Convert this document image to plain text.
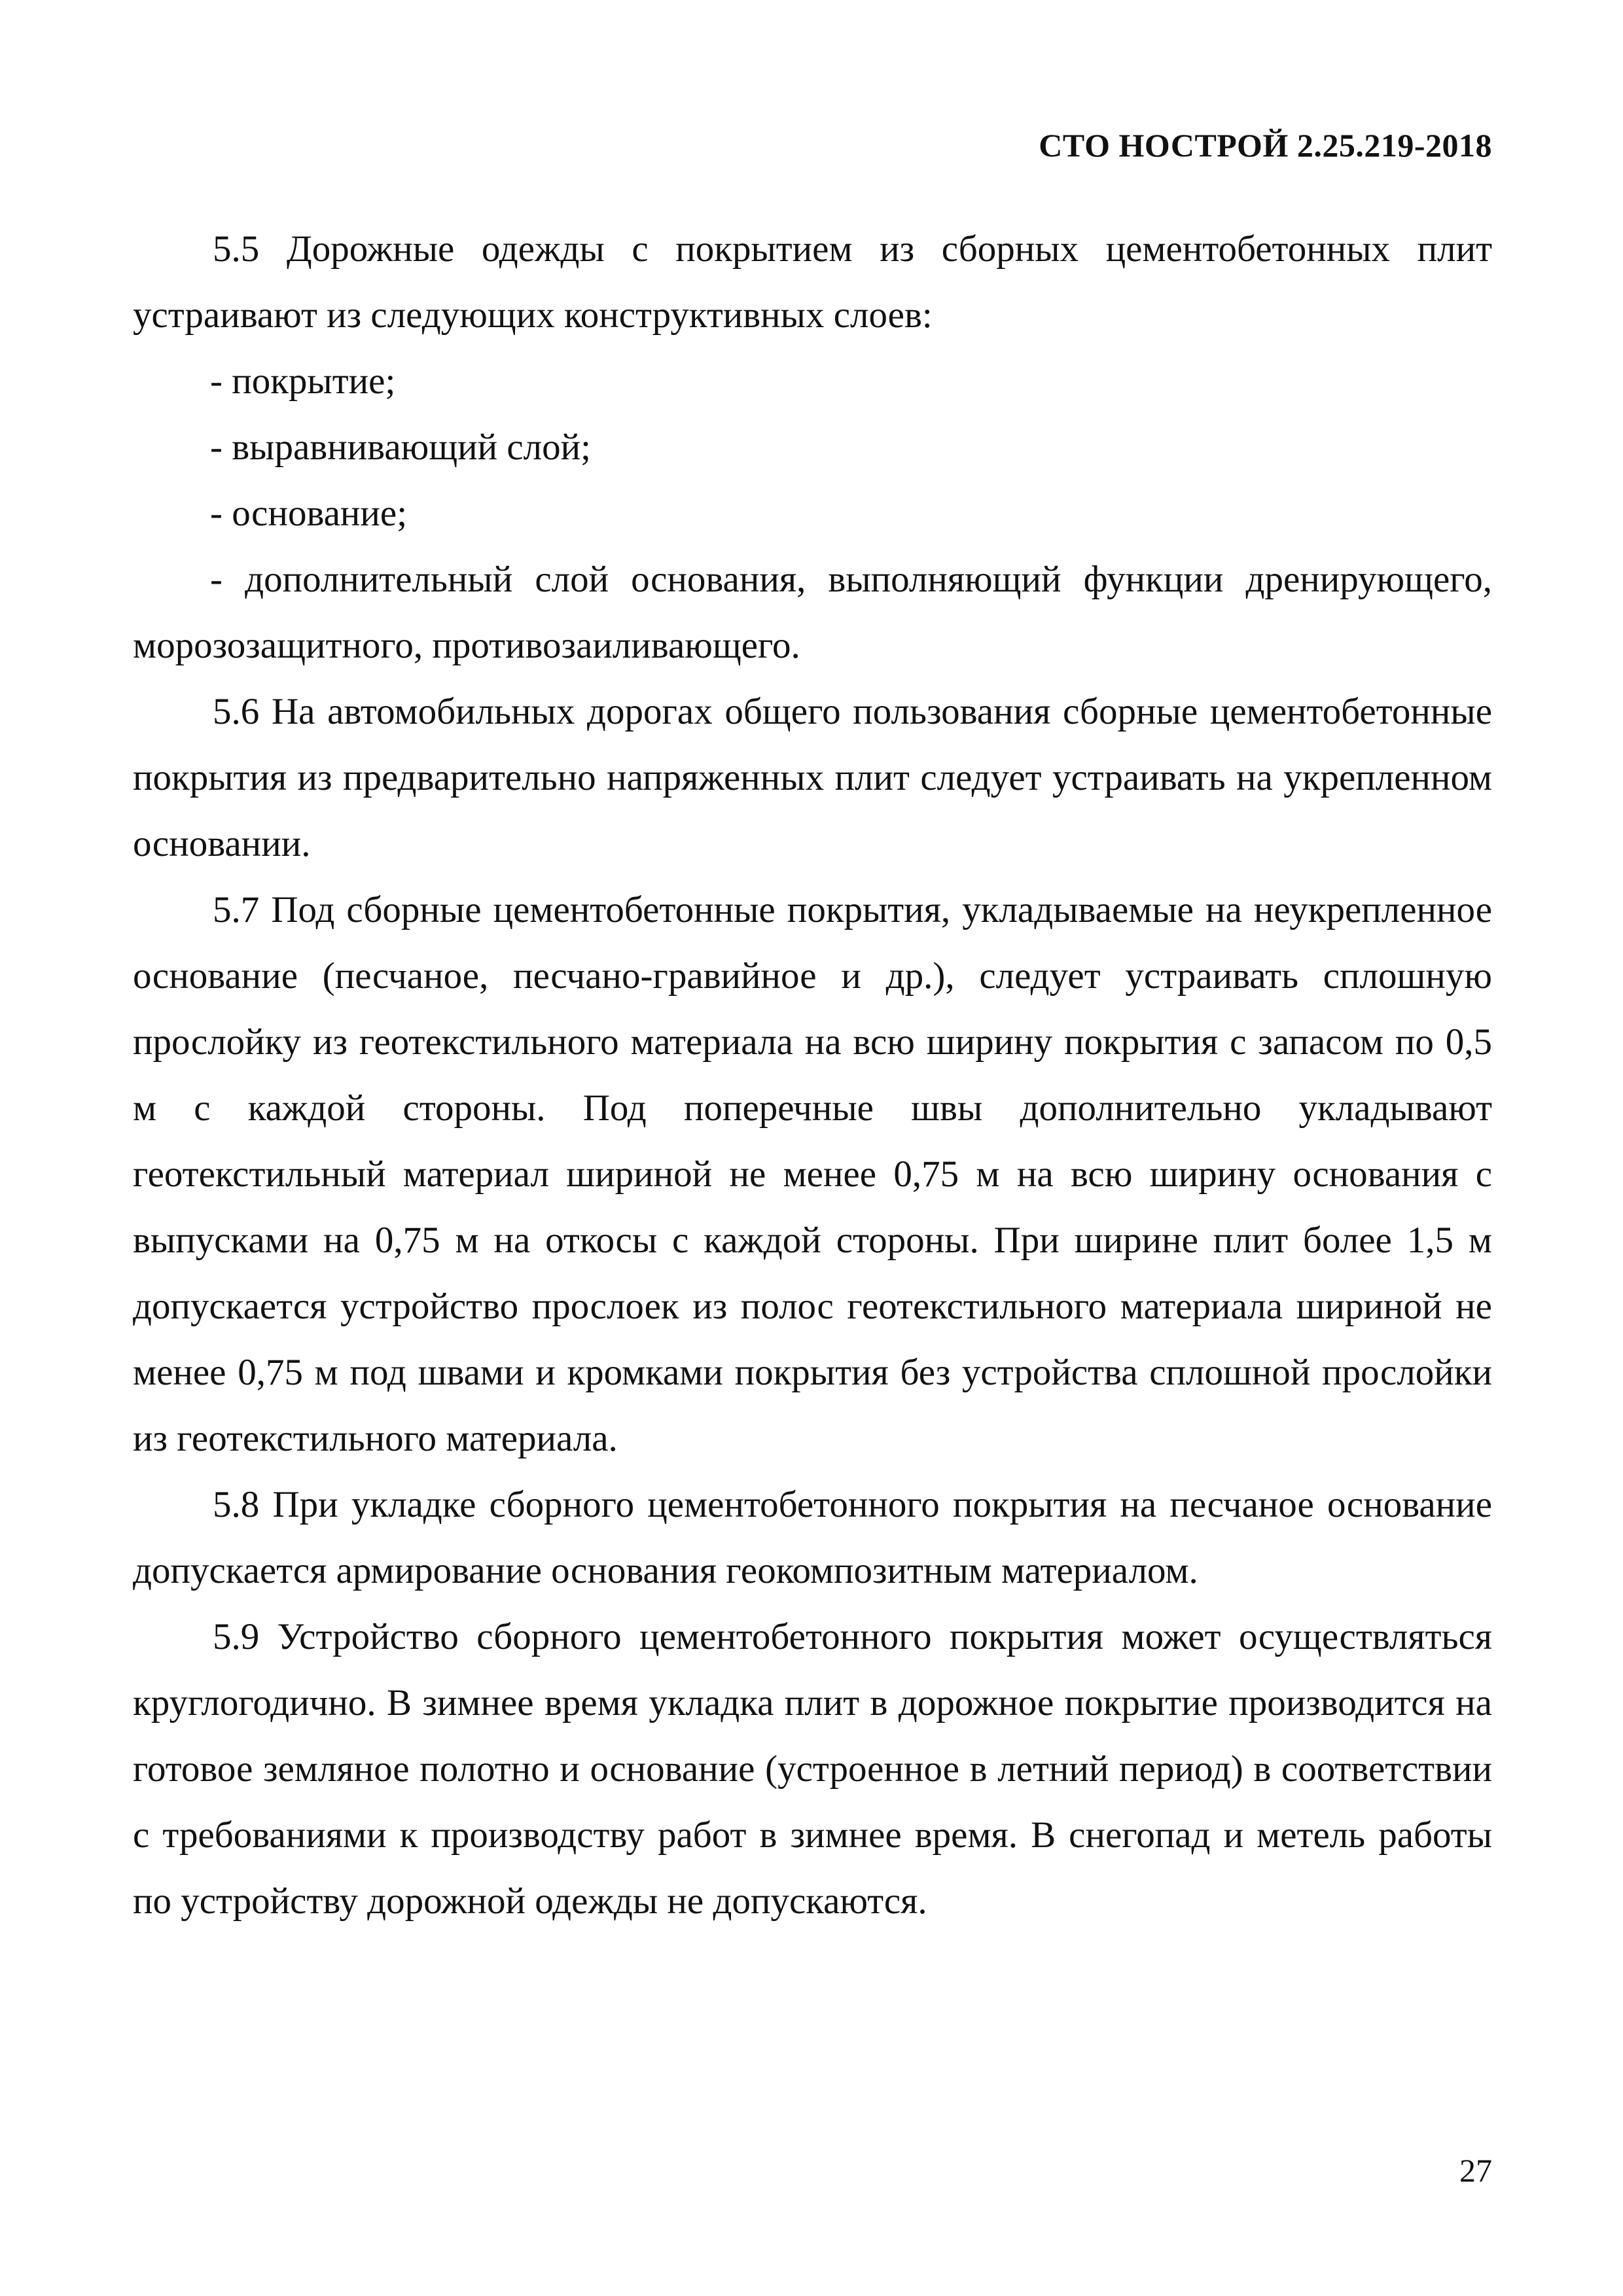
СТО НОСТРОЙ 2.25.219-2018

5.5 Дорожные одежды с покрытием из сборных цементобетонных плит устраивают из следующих конструктивных слоев:

- покрытие;

- выравнивающий слой;

- основание;

- дополнительный слой основания, выполняющий функции дренирующего, морозозащитного, противозаиливающего.

5.6 На автомобильных дорогах общего пользования сборные цементобетонные покрытия из предварительно напряженных плит следует устраивать на укрепленном основании.

5.7 Под сборные цементобетонные покрытия, укладываемые на неукрепленное основание (песчаное, песчано-гравийное и др.), следует устраивать сплошную прослойку из геотекстильного материала на всю ширину покрытия с запасом по 0,5 м с каждой стороны. Под поперечные швы дополнительно укладывают геотекстильный материал шириной не менее 0,75 м на всю ширину основания с выпусками на 0,75 м на откосы с каждой стороны. При ширине плит более 1,5 м допускается устройство прослоек из полос геотекстильного материала шириной не менее 0,75 м под швами и кромками покрытия без устройства сплошной прослойки из геотекстильного материала.

5.8 При укладке сборного цементобетонного покрытия на песчаное основание допускается армирование основания геокомпозитным материалом.

5.9 Устройство сборного цементобетонного покрытия может осуществляться круглогодично. В зимнее время укладка плит в дорожное покрытие производится на готовое земляное полотно и основание (устроенное в летний период) в соответствии с требованиями к производству работ в зимнее время. В снегопад и метель работы по устройству дорожной одежды не допускаются.

27
